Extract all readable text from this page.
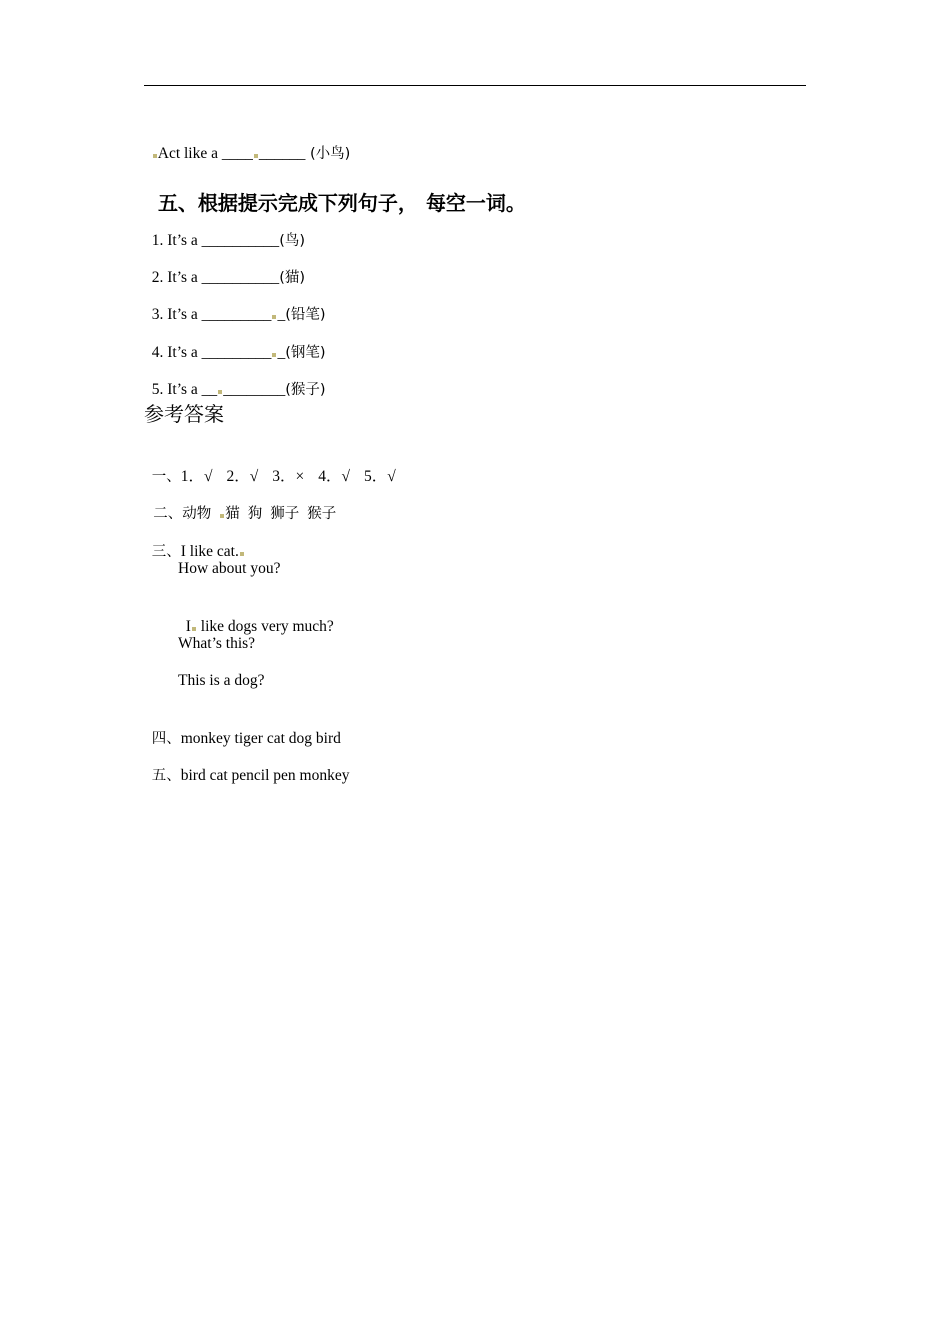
Act like a ____ ______ (小鸟)

五、根据提示完成下列句子， 每空一词。

1. It’s a __________(鸟)

2. It’s a __________(猫)

3. It’s a _________ _(铅笔)

4. It’s a _________ _(钢笔)

5. It’s a __ ________(猴子)

参考答案

一、1．√ 2．√ 3．× 4．√ 5．√

二、动物 猫 狗 狮子 猴子

三、I like cat.

How about you?

I like dogs very much?

What’s this?
This is a dog?

四、monkey tiger cat dog bird

五、bird cat pencil pen monkey
